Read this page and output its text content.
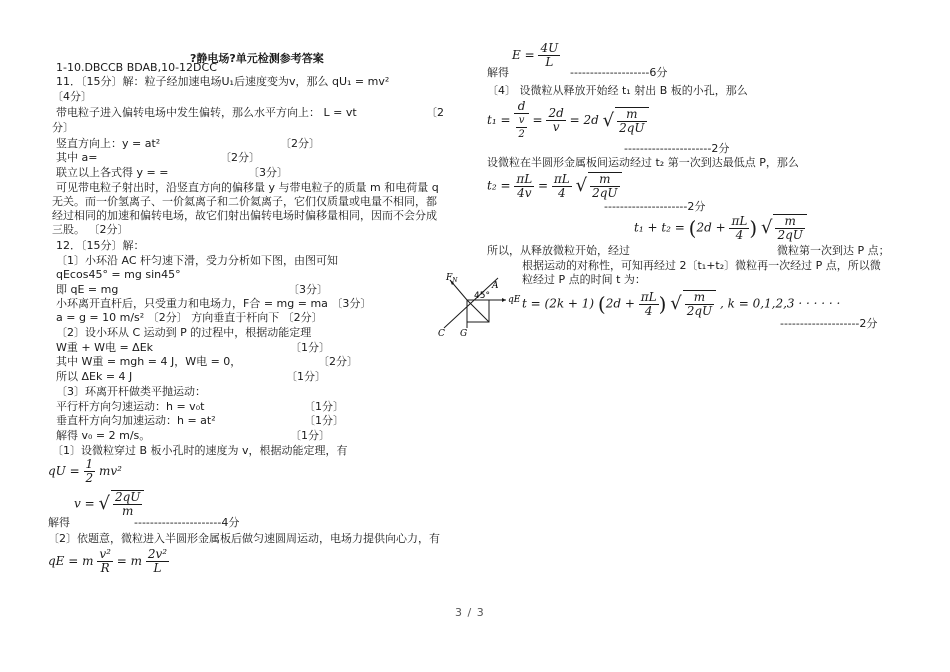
?静电场?单元检测参考答案
1-10.DBCCB BDAB,10-12DCC
11．〔15分〕解：粒子经加速电场U₁后速度变为v，那么 qU₁ = mv²
〔4分〕
带电粒子进入偏转电场中发生偏转，那么水平方向上： L = vt	〔2
分〕
竖直方向上：y = at²	〔2分〕
其中 a=	〔2分〕
联立以上各式得 y = =	〔3分〕
可见带电粒子射出时，沿竖直方向的偏移量 y 与带电粒子的质量 m 和电荷量 q
无关。而一价氢离子、一价氦离子和二价氦离子，它们仅质量或电量不相同，都
经过相同的加速和偏转电场，故它们射出偏转电场时偏移量相同，因而不会分成
三股。 〔2分〕
12．〔15分〕解：
〔1〕小环沿 AC 杆匀速下滑，受力分析如下图，由图可知
qEcos45° = mg sin45°
即 qE = mg	〔3分〕
小环离开直杆后，只受重力和电场力，F合 = mg = ma 〔3分〕
a = g = 10 m/s² 〔2分〕 方向垂直于杆向下 〔2分〕
〔2〕设小环从 C 运动到 P 的过程中，根据动能定理
W重 + W电 = ΔEk	〔1分〕
其中 W重 = mgh = 4 J，W电 = 0，	〔2分〕
所以 ΔEk = 4 J	〔1分〕
〔3〕环离开杆做类平抛运动：
平行杆方向匀速运动：h = v₀t	〔1分〕
垂直杆方向匀加速运动：h = at²	〔1分〕
解得 v₀ = 2 m/s。	〔1分〕
〔1〕设微粒穿过 B 板小孔时的速度为 v，根据动能定理，有
qU = $\frac{1}{2} mv^2$
v = √ $\frac{2qU}{m}$
解得	----------------------4分
〔2〕依题意，微粒进入半圆形金属板后做匀速圆周运动，电场力提供向心力，有
qE = m $\frac{\text{v²}}{R} = m \frac{\text{2v²}}{L}$
$F_N$
45° qE
A
C G
$E = \frac{4U}{L}$
解得	--------------------6分
〔4〕 设微粒从释放开始经 t₁ 射出 B 板的小孔，那么
$t_1 = \frac{d}{\frac{v}{2}} = \frac{2d}{v} = 2d$ √ $\frac{m}{2qU}$
----------------------2分
设微粒在半圆形金属板间运动经过 t₂ 第一次到达最低点 P，那么
$t_2 = \frac{\pi L}{4v} = \frac{\pi L}{4}$ √ $\frac{m}{2qU}$
---------------------2分
$t_1 + t_2 = (2d + \frac{\pi L}{4}$ ) √ $\frac{m}{2qU}$
所以，从释放微粒开始，经过	微粒第一次到达 P 点；
根据运动的对称性，可知再经过 2〔t₁+t₂〕微粒再一次经过 P 点，所以微
粒经过 P 点的时间 t 为：
t = (2k + 1) ($2d + \frac{\pi L}{4}$ ) √ $\frac{m}{2qU}$ , k = 0,1,2,3 · · · · · ·
--------------------2分
3 / 3
